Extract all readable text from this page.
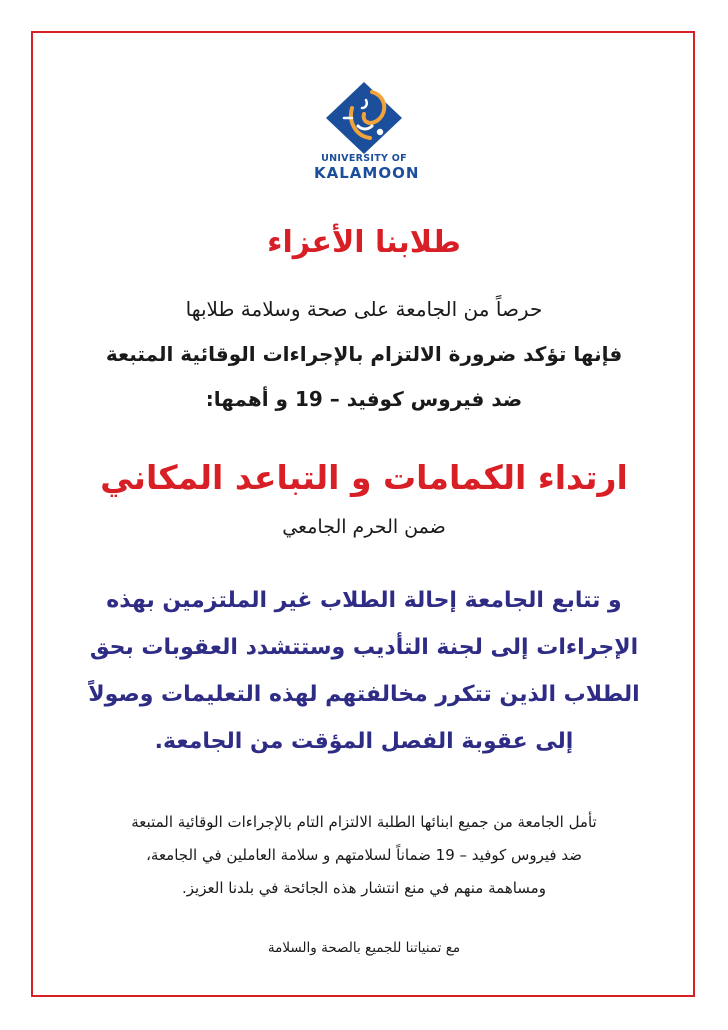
UNIVERSITY OF
KALAMOON
طلابنا الأعزاء
حرصاً من الجامعة على صحة وسلامة طلابها
فإنها تؤكد ضرورة الالتزام بالإجراءات الوقائية المتبعة
ضد فيروس كوفيد – 19 و أهمها:
ارتداء الكمامات و التباعد المكاني
ضمن الحرم الجامعي
و تتابع الجامعة إحالة الطلاب غير الملتزمين بهذه
الإجراءات إلى لجنة التأديب وستتشدد العقوبات بحق
الطلاب الذين تتكرر مخالفتهم لهذه التعليمات وصولاً
إلى عقوبة الفصل المؤقت من الجامعة.
تأمل الجامعة من جميع ابنائها الطلبة الالتزام التام بالإجراءات الوقائية المتبعة
ضد فيروس كوفيد – 19 ضماناً لسلامتهم و سلامة العاملين في الجامعة،
ومساهمة منهم في منع انتشار هذه الجائحة في بلدنا العزيز.
مع تمنياتنا للجميع بالصحة والسلامة
